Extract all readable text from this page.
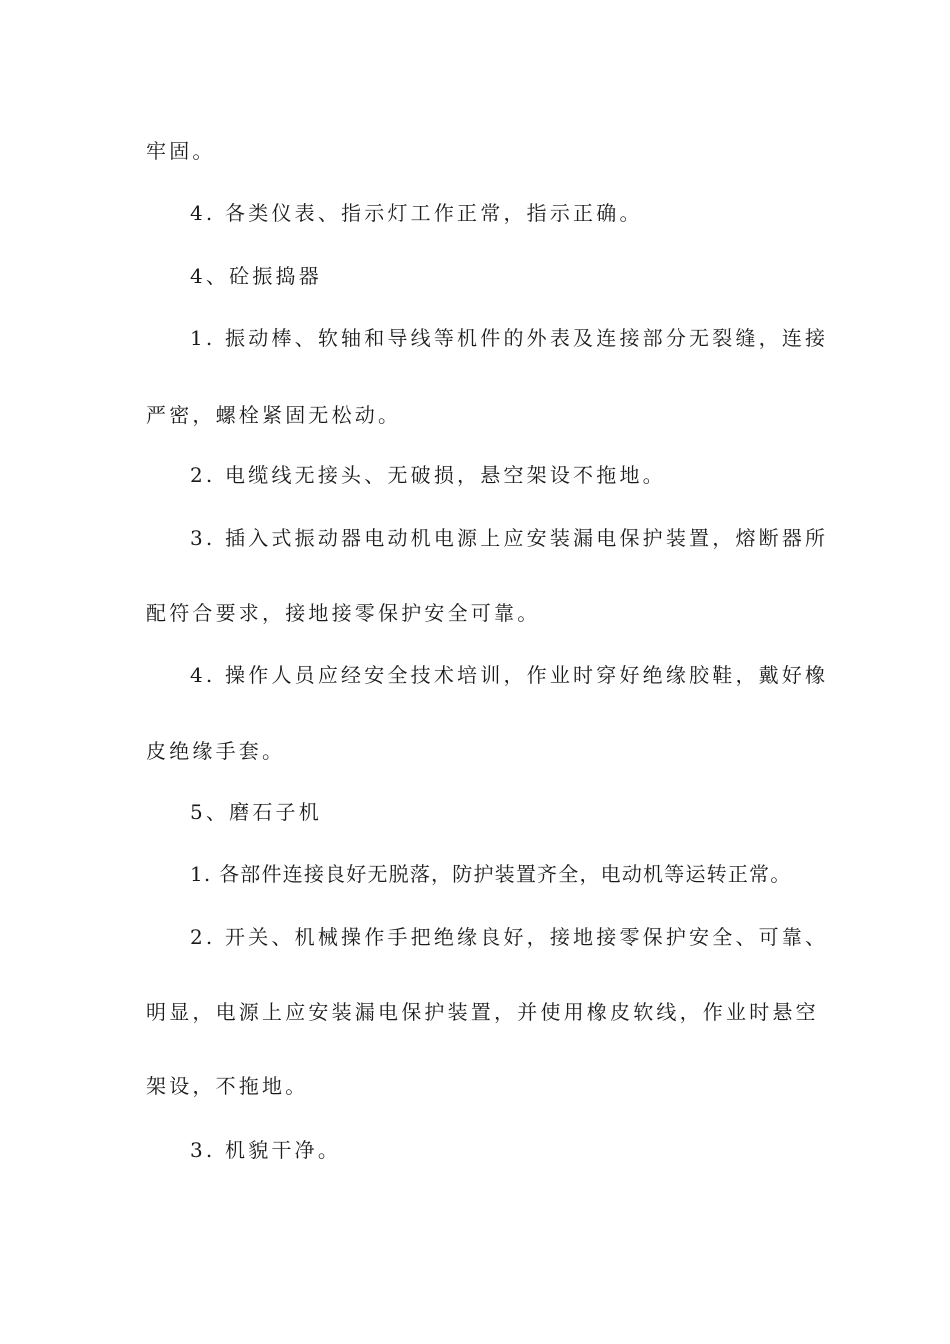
牢固。
4. 各类仪表、指示灯工作正常，指示正确。
4、砼振捣器
1. 振动棒、软轴和导线等机件的外表及连接部分无裂缝，连接
严密，螺栓紧固无松动。
2. 电缆线无接头、无破损，悬空架设不拖地。
3. 插入式振动器电动机电源上应安装漏电保护装置，熔断器所
配符合要求，接地接零保护安全可靠。
4. 操作人员应经安全技术培训，作业时穿好绝缘胶鞋，戴好橡
皮绝缘手套。
5、磨石子机
1. 各部件连接良好无脱落，防护装置齐全，电动机等运转正常。
2. 开关、机械操作手把绝缘良好，接地接零保护安全、可靠、
明显，电源上应安装漏电保护装置，并使用橡皮软线，作业时悬空
架设，不拖地。
3. 机貌干净。
